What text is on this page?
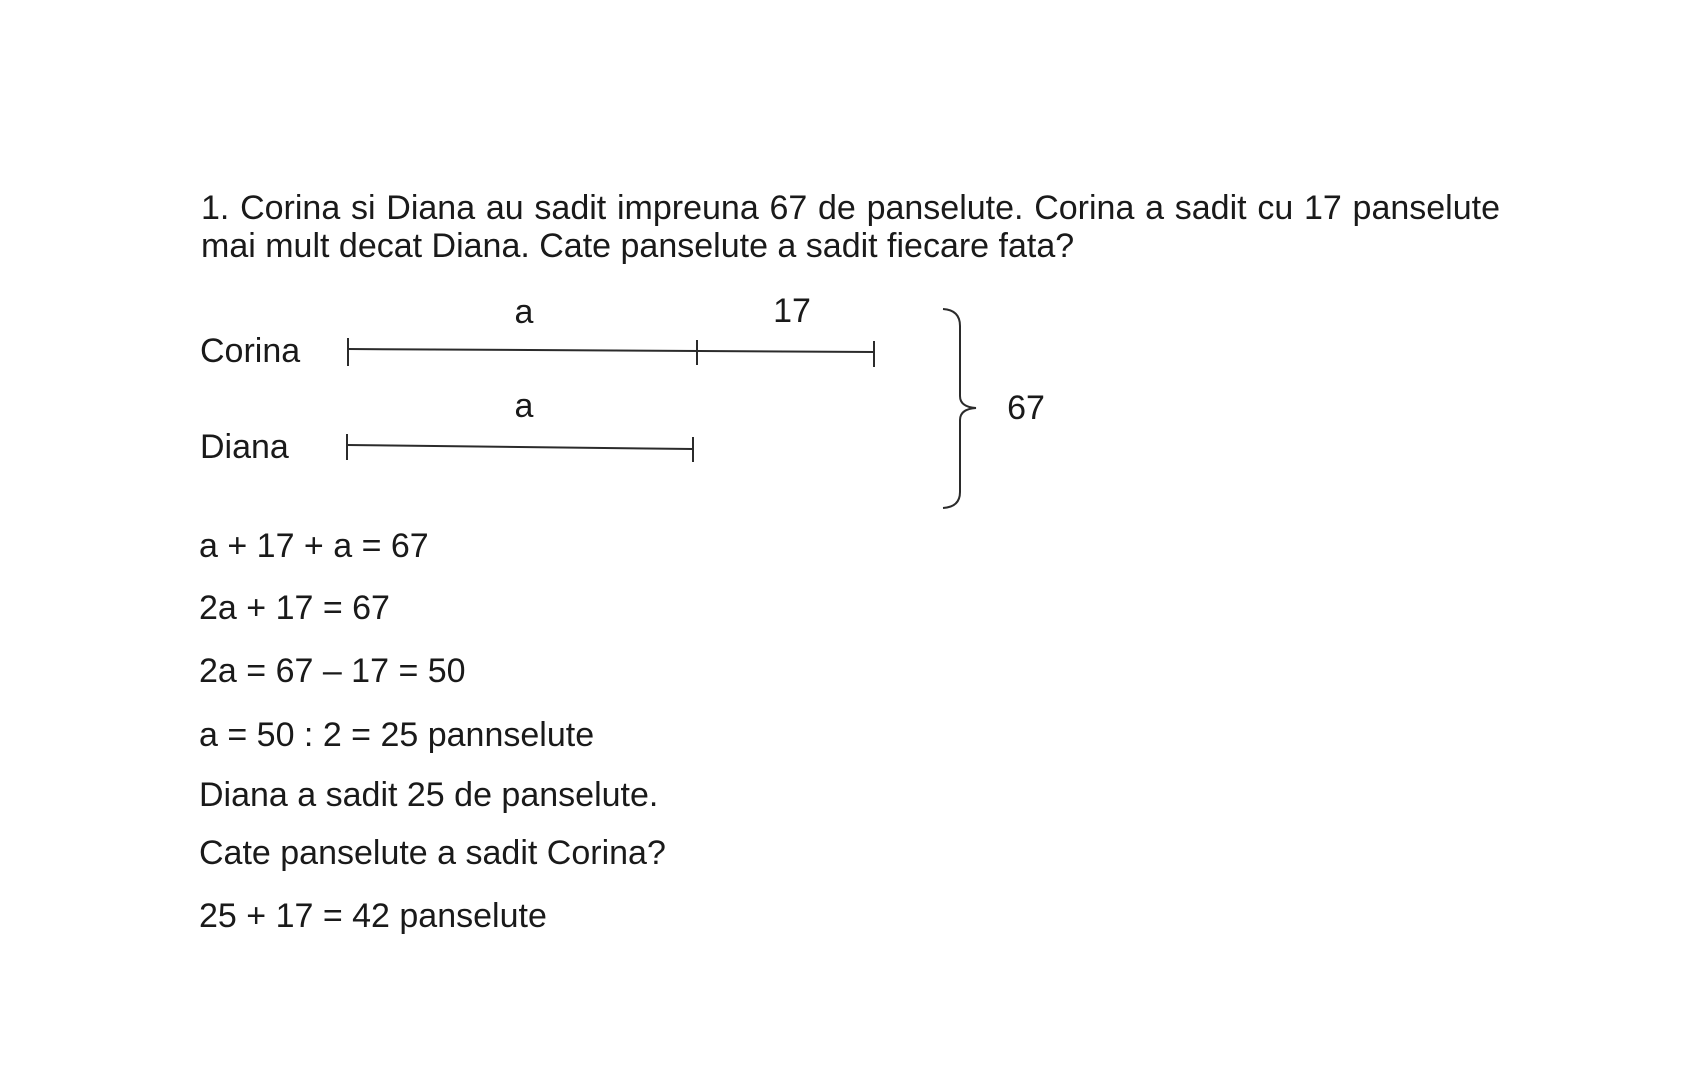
1. Corina si Diana au sadit impreuna 67 de panselute. Corina a sadit cu 17 panselute
mai mult decat Diana. Cate panselute a sadit fiecare fata?
Corina
a	17
Diana
a	67
a + 17 + a = 67
2a + 17 = 67
2a = 67 – 17 = 50
a = 50 : 2 = 25 pannselute
Diana a sadit 25 de panselute.
Cate panselute a sadit Corina?
25 + 17 = 42 panselute
